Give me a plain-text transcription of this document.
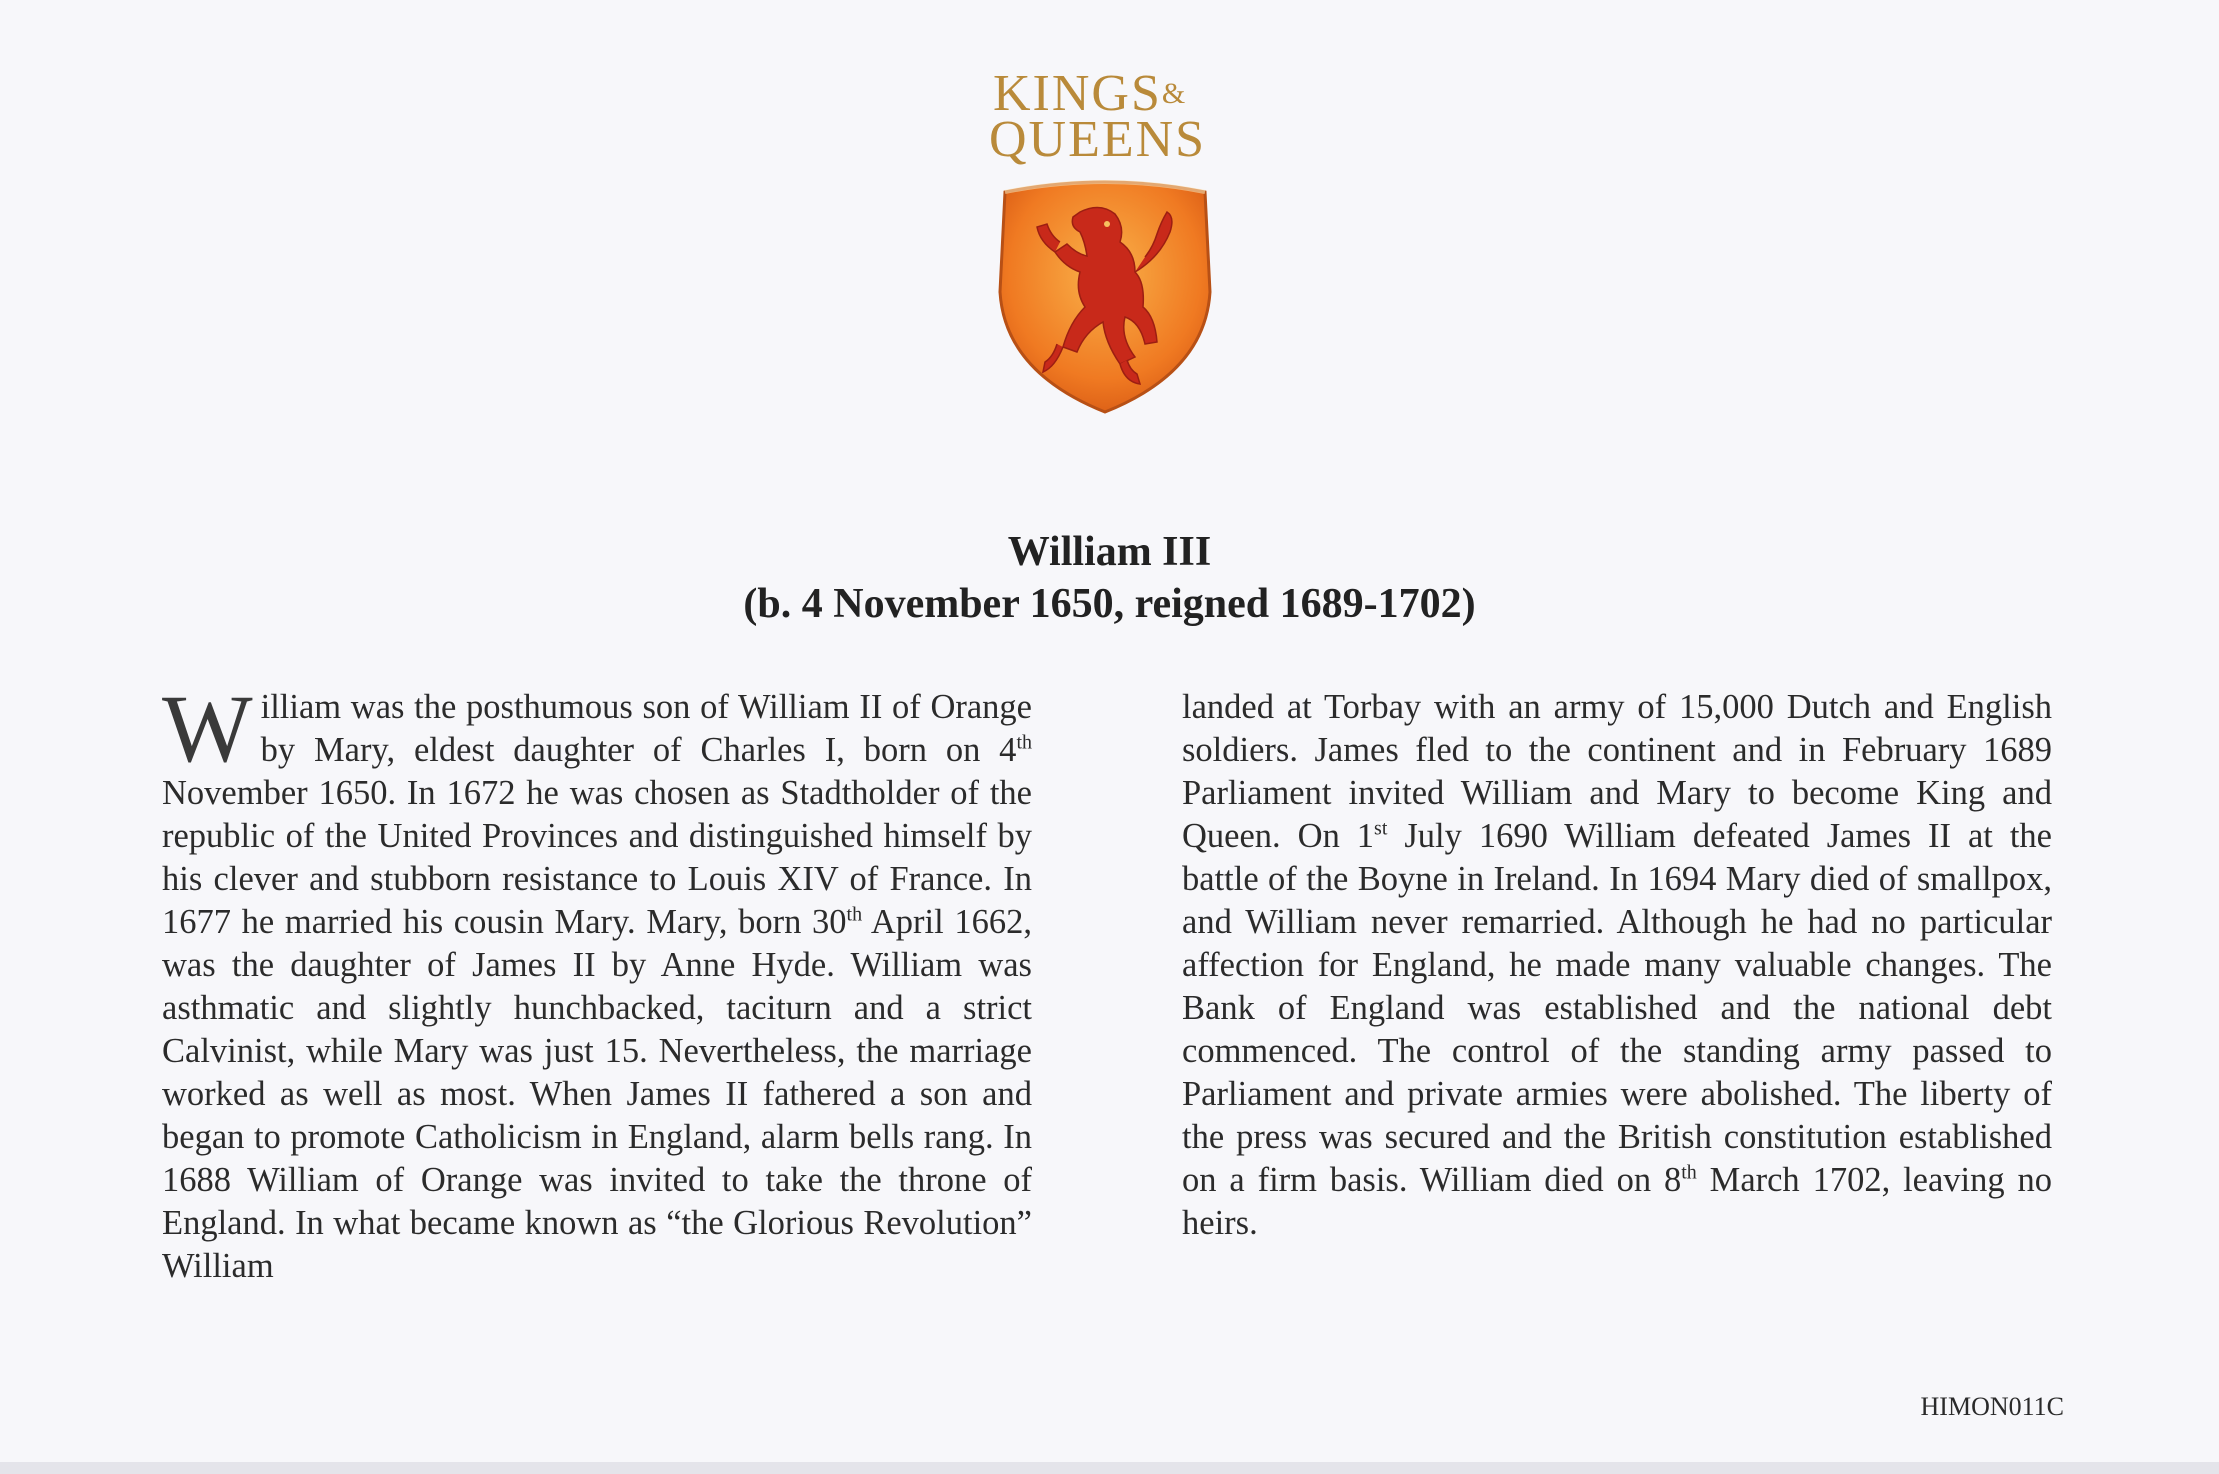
KINGS&
QUEENS
William III
(b. 4 November 1650, reigned 1689-1702)
William was the posthumous son of William II of Orange by Mary, eldest daughter of Charles I, born on 4th November 1650. In 1672 he was chosen as Stadtholder of the republic of the United Provinces and distinguished himself by his clever and stubborn resistance to Louis XIV of France. In 1677 he married his cousin Mary. Mary, born 30th April 1662, was the daughter of James II by Anne Hyde. William was asthmatic and slightly hunchbacked, taciturn and a strict Calvinist, while Mary was just 15. Nevertheless, the marriage worked as well as most. When James II fathered a son and began to promote Catholicism in England, alarm bells rang. In 1688 William of Orange was invited to take the throne of England. In what became known as “the Glorious Revolution” William
landed at Torbay with an army of 15,000 Dutch and English soldiers. James fled to the continent and in February 1689 Parliament invited William and Mary to become King and Queen. On 1st July 1690 William defeated James II at the battle of the Boyne in Ireland. In 1694 Mary died of smallpox, and William never remarried. Although he had no particular affection for England, he made many valuable changes. The Bank of England was established and the national debt commenced. The control of the standing army passed to Parliament and private armies were abolished. The liberty of the press was secured and the British constitution established on a firm basis. William died on 8th March 1702, leaving no heirs.
HIMON011C
